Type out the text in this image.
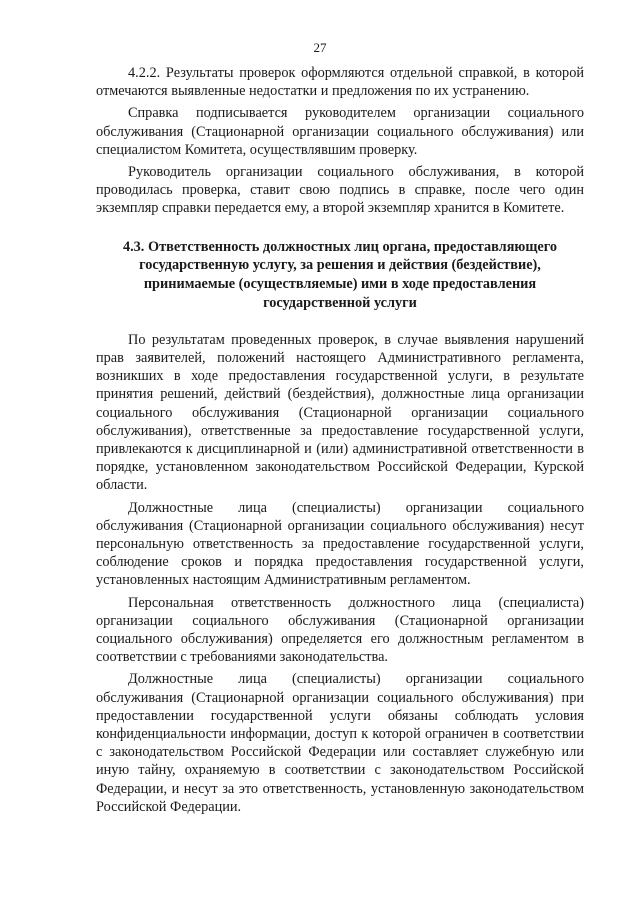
27

4.2.2. Результаты проверок оформляются отдельной справкой, в которой отмечаются выявленные недостатки и предложения по их устранению.

Справка подписывается руководителем организации социального обслуживания (Стационарной организации социального обслуживания) или специалистом Комитета, осуществлявшим проверку.

Руководитель организации социального обслуживания, в которой проводилась проверка, ставит свою подпись в справке, после чего один экземпляр справки передается ему, а второй экземпляр хранится в Комитете.

4.3. Ответственность должностных лиц органа, предоставляющего государственную услугу, за решения и действия (бездействие), принимаемые (осуществляемые) ими в ходе предоставления государственной услуги

По результатам проведенных проверок, в случае выявления нарушений прав заявителей, положений настоящего Административного регламента, возникших в ходе предоставления государственной услуги, в результате принятия решений, действий (бездействия), должностные лица организации социального обслуживания (Стационарной организации социального обслуживания), ответственные за предоставление государственной услуги, привлекаются к дисциплинарной и (или) административной ответственности в порядке, установленном законодательством Российской Федерации, Курской области.

Должностные лица (специалисты) организации социального обслуживания (Стационарной организации социального обслуживания) несут персональную ответственность за предоставление государственной услуги, соблюдение сроков и порядка предоставления государственной услуги, установленных настоящим Административным регламентом.

Персональная ответственность должностного лица (специалиста) организации социального обслуживания (Стационарной организации социального обслуживания) определяется его должностным регламентом в соответствии с требованиями законодательства.

Должностные лица (специалисты) организации социального обслуживания (Стационарной организации социального обслуживания) при предоставлении государственной услуги обязаны соблюдать условия конфиденциальности информации, доступ к которой ограничен в соответствии с законодательством Российской Федерации или составляет служебную или иную тайну, охраняемую в соответствии с законодательством Российской Федерации, и несут за это ответственность, установленную законодательством Российской Федерации.
